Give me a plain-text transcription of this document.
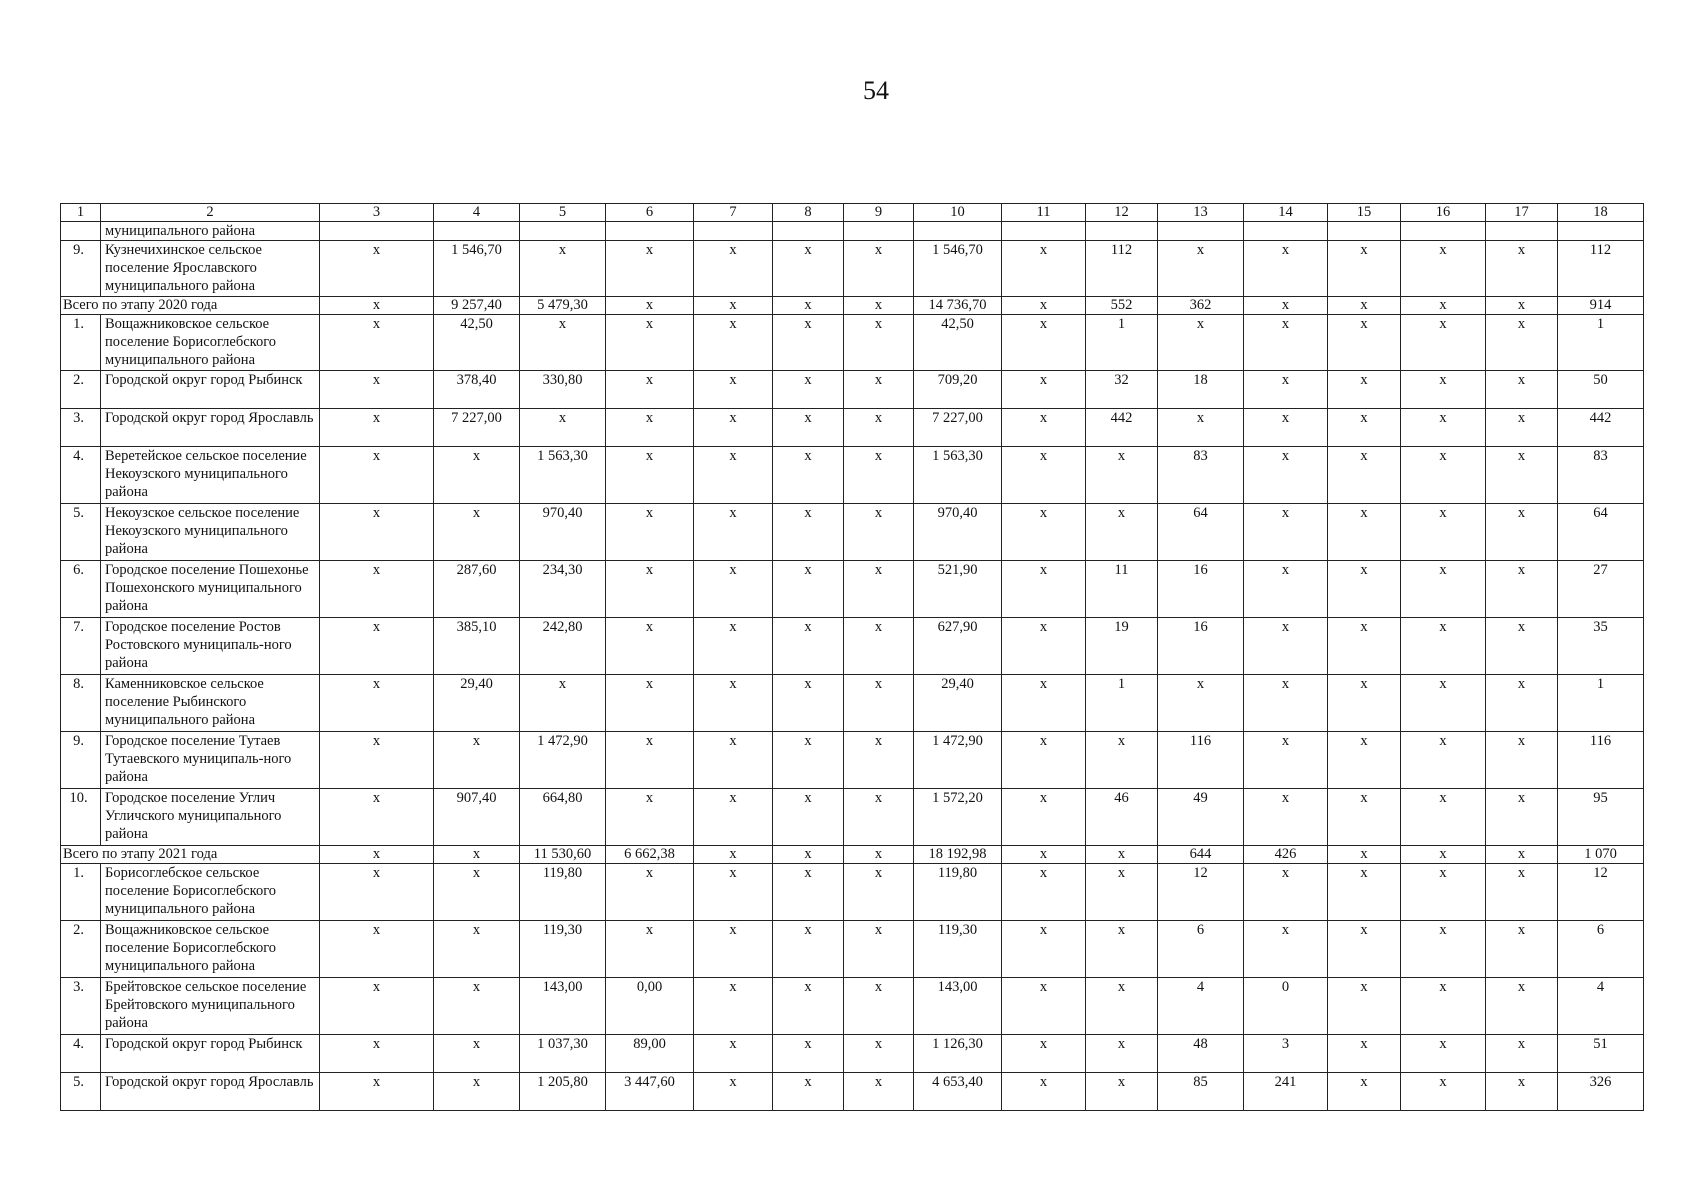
54
1	2	3	4	5	6	7	8	9	10	11	12	13	14	15	16	17	18
	муниципального района																
9.	Кузнечихинское сельское поселение Ярославского муниципального района	х	1 546,70	х	х	х	х	х	1 546,70	х	112	х	х	х	х	х	112
Всего по этапу 2020 года		х	9 257,40	5 479,30	х	х	х	х	14 736,70	х	552	362	х	х	х	х	914
1.	Вощажниковское сельское поселение Борисоглебского муниципального района	х	42,50	х	х	х	х	х	42,50	х	1	х	х	х	х	х	1
2.	Городской округ город Рыбинск	х	378,40	330,80	х	х	х	х	709,20	х	32	18	х	х	х	х	50
3.	Городской округ город Ярославль	х	7 227,00	х	х	х	х	х	7 227,00	х	442	х	х	х	х	х	442
4.	Веретейское сельское поселение Некоузского муниципального района	х	х	1 563,30	х	х	х	х	1 563,30	х	х	83	х	х	х	х	83
5.	Некоузское сельское поселение Некоузского муниципального района	х	х	970,40	х	х	х	х	970,40	х	х	64	х	х	х	х	64
6.	Городское поселение Пошехонье Пошехонского муниципального района	х	287,60	234,30	х	х	х	х	521,90	х	11	16	х	х	х	х	27
7.	Городское поселение Ростов Ростовского муниципаль-ного района	х	385,10	242,80	х	х	х	х	627,90	х	19	16	х	х	х	х	35
8.	Каменниковское сельское поселение Рыбинского муниципального района	х	29,40	х	х	х	х	х	29,40	х	1	х	х	х	х	х	1
9.	Городское поселение Тутаев Тутаевского муниципаль-ного района	х	х	1 472,90	х	х	х	х	1 472,90	х	х	116	х	х	х	х	116
10.	Городское поселение Углич Угличского муниципального района	х	907,40	664,80	х	х	х	х	1 572,20	х	46	49	х	х	х	х	95
Всего по этапу 2021 года		х	х	11 530,60	6 662,38	х	х	х	18 192,98	х	х	644	426	х	х	х	1 070
1.	Борисоглебское сельское поселение Борисоглебского муниципального района	х	х	119,80	х	х	х	х	119,80	х	х	12	х	х	х	х	12
2.	Вощажниковское сельское поселение Борисоглебского муниципального района	х	х	119,30	х	х	х	х	119,30	х	х	6	х	х	х	х	6
3.	Брейтовское сельское поселение Брейтовского муниципального района	х	х	143,00	0,00	х	х	х	143,00	х	х	4	0	х	х	х	4
4.	Городской округ город Рыбинск	х	х	1 037,30	89,00	х	х	х	1 126,30	х	х	48	3	х	х	х	51
5.	Городской округ город Ярославль	х	х	1 205,80	3 447,60	х	х	х	4 653,40	х	х	85	241	х	х	х	326
